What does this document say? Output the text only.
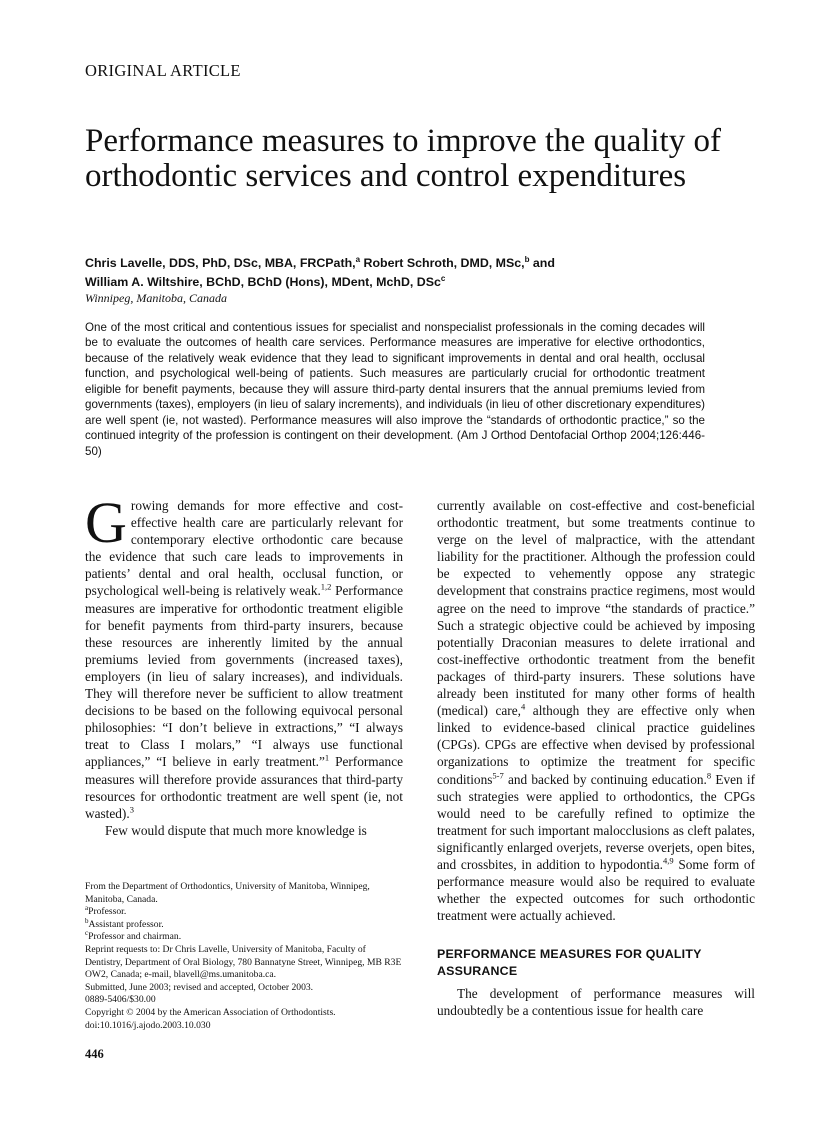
ORIGINAL ARTICLE
Performance measures to improve the quality of orthodontic services and control expenditures
Chris Lavelle, DDS, PhD, DSc, MBA, FRCPath,$^a$ Robert Schroth, DMD, MSc,$^b$ and
William A. Wiltshire, BChD, BChD (Hons), MDent, MchD, DSc$^c$
Winnipeg, Manitoba, Canada

One of the most critical and contentious issues for specialist and nonspecialist professionals in the coming decades will be to evaluate the outcomes of health care services. Performance measures are imperative for elective orthodontics, because of the relatively weak evidence that they lead to significant improvements in dental and oral health, occlusal function, and psychological well-being of patients. Such measures are particularly crucial for orthodontic treatment eligible for benefit payments, because they will assure third-party dental insurers that the annual premiums levied from governments (taxes), employers (in lieu of salary increments), and individuals (in lieu of other discretionary expenditures) are well spent (ie, not wasted). Performance measures will also improve the “standards of orthodontic practice,” so the continued integrity of the profession is contingent on their development. (Am J Orthod Dentofacial Orthop 2004;126:446-50)

Growing demands for more effective and cost-effective health care are particularly relevant for contemporary elective orthodontic care because the evidence that such care leads to improvements in patients’ dental and oral health, occlusal function, or psychological well-being is relatively weak.$^{1,2}$ Performance measures are imperative for orthodontic treatment eligible for benefit payments from third-party insurers, because these resources are inherently limited by the annual premiums levied from governments (increased taxes), employers (in lieu of salary increases), and individuals. They will therefore never be sufficient to allow treatment decisions to be based on the following equivocal personal philosophies: “I don’t believe in extractions,” “I always treat to Class I molars,” “I always use functional appliances,” “I believe in early treatment.”$^1$ Performance measures will therefore provide assurances that third-party resources for orthodontic treatment are well spent (ie, not wasted).$^3$

Few would dispute that much more knowledge is

currently available on cost-effective and cost-beneficial orthodontic treatment, but some treatments continue to verge on the level of malpractice, with the attendant liability for the practitioner. Although the profession could be expected to vehemently oppose any strategic development that constrains practice regimens, most would agree on the need to improve “the standards of practice.” Such a strategic objective could be achieved by imposing potentially Draconian measures to delete irrational and cost-ineffective orthodontic treatment from the benefit packages of third-party insurers. These solutions have already been instituted for many other forms of health (medical) care,$^4$ although they are effective only when linked to evidence-based clinical practice guidelines (CPGs). CPGs are effective when devised by professional organizations to optimize the treatment for specific conditions$^{5-7}$ and backed by continuing education.$^8$ Even if such strategies were applied to orthodontics, the CPGs would need to be carefully refined to optimize the treatment for such important malocclusions as cleft palates, significantly enlarged overjets, reverse overjets, open bites, and crossbites, in addition to hypodontia.$^{4,9}$ Some form of performance measure would also be required to evaluate whether the expected outcomes for such orthodontic treatment were actually achieved.

PERFORMANCE MEASURES FOR QUALITY ASSURANCE

The development of performance measures will undoubtedly be a contentious issue for health care

From the Department of Orthodontics, University of Manitoba, Winnipeg, Manitoba, Canada.
$^a$Professor.
$^b$Assistant professor.
$^c$Professor and chairman.
Reprint requests to: Dr Chris Lavelle, University of Manitoba, Faculty of Dentistry, Department of Oral Biology, 780 Bannatyne Street, Winnipeg, MB R3E OW2, Canada; e-mail, blavell@ms.umanitoba.ca.
Submitted, June 2003; revised and accepted, October 2003.
0889-5406/$30.00
Copyright © 2004 by the American Association of Orthodontists.
doi:10.1016/j.ajodo.2003.10.030
446
